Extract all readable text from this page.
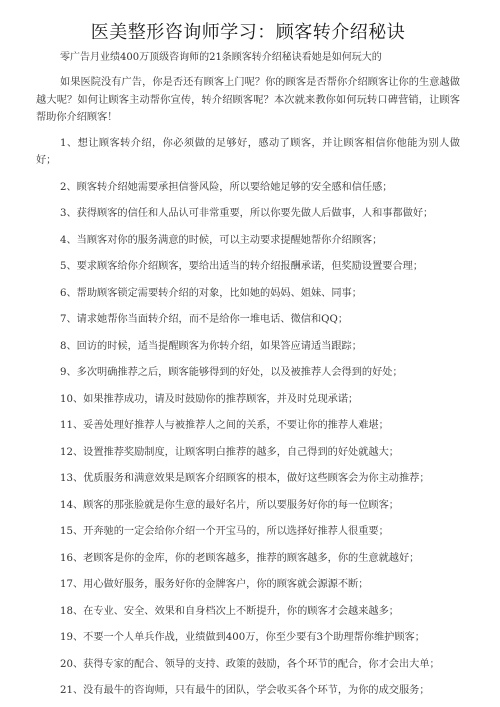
医美整形咨询师学习：顾客转介绍秘诀

零广告月业绩400万顶级咨询师的21条顾客转介绍秘诀看她是如何玩大的

如果医院没有广告，你是否还有顾客上门呢？你的顾客是否帮你介绍顾客让你的生意越做越大呢？如何让顾客主动帮你宣传，转介绍顾客呢？本次就来教你如何玩转口碑营销，让顾客帮助你介绍顾客！

1、想让顾客转介绍，你必须做的足够好，感动了顾客，并让顾客相信你他能为别人做好；

2、顾客转介绍她需要承担信誉风险，所以要给她足够的安全感和信任感；

3、获得顾客的信任和人品认可非常重要，所以你要先做人后做事，人和事都做好；

4、当顾客对你的服务满意的时候，可以主动要求提醒她帮你介绍顾客；

5、要求顾客给你介绍顾客，要给出适当的转介绍报酬承诺，但奖励设置要合理；

6、帮助顾客锁定需要转介绍的对象，比如她的妈妈、姐妹、同事；

7、请求她帮你当面转介绍，而不是给你一堆电话、微信和QQ；

8、回访的时候，适当提醒顾客为你转介绍，如果答应请适当跟踪；

9、多次明确推荐之后，顾客能够得到的好处，以及被推荐人会得到的好处；

10、如果推荐成功，请及时鼓励你的推荐顾客，并及时兑现承诺；

11、妥善处理好推荐人与被推荐人之间的关系，不要让你的推荐人难堪；

12、设置推荐奖励制度，让顾客明白推荐的越多，自己得到的好处就越大；

13、优质服务和满意效果是顾客介绍顾客的根本，做好这些顾客会为你主动推荐；

14、顾客的那张脸就是你生意的最好名片，所以要服务好你的每一位顾客；

15、开奔驰的一定会给你介绍一个开宝马的，所以选择好推荐人很重要；

16、老顾客是你的金库，你的老顾客越多，推荐的顾客越多，你的生意就越好；

17、用心做好服务，服务好你的金牌客户，你的顾客就会源源不断；

18、在专业、安全、效果和自身档次上不断提升，你的顾客才会越来越多；

19、不要一个人单兵作战，业绩做到400万，你至少要有3个助理帮你维护顾客；

20、获得专家的配合、领导的支持、政策的鼓励，各个环节的配合，你才会出大单；

21、没有最牛的咨询师，只有最牛的团队，学会收买各个环节，为你的成交服务；
